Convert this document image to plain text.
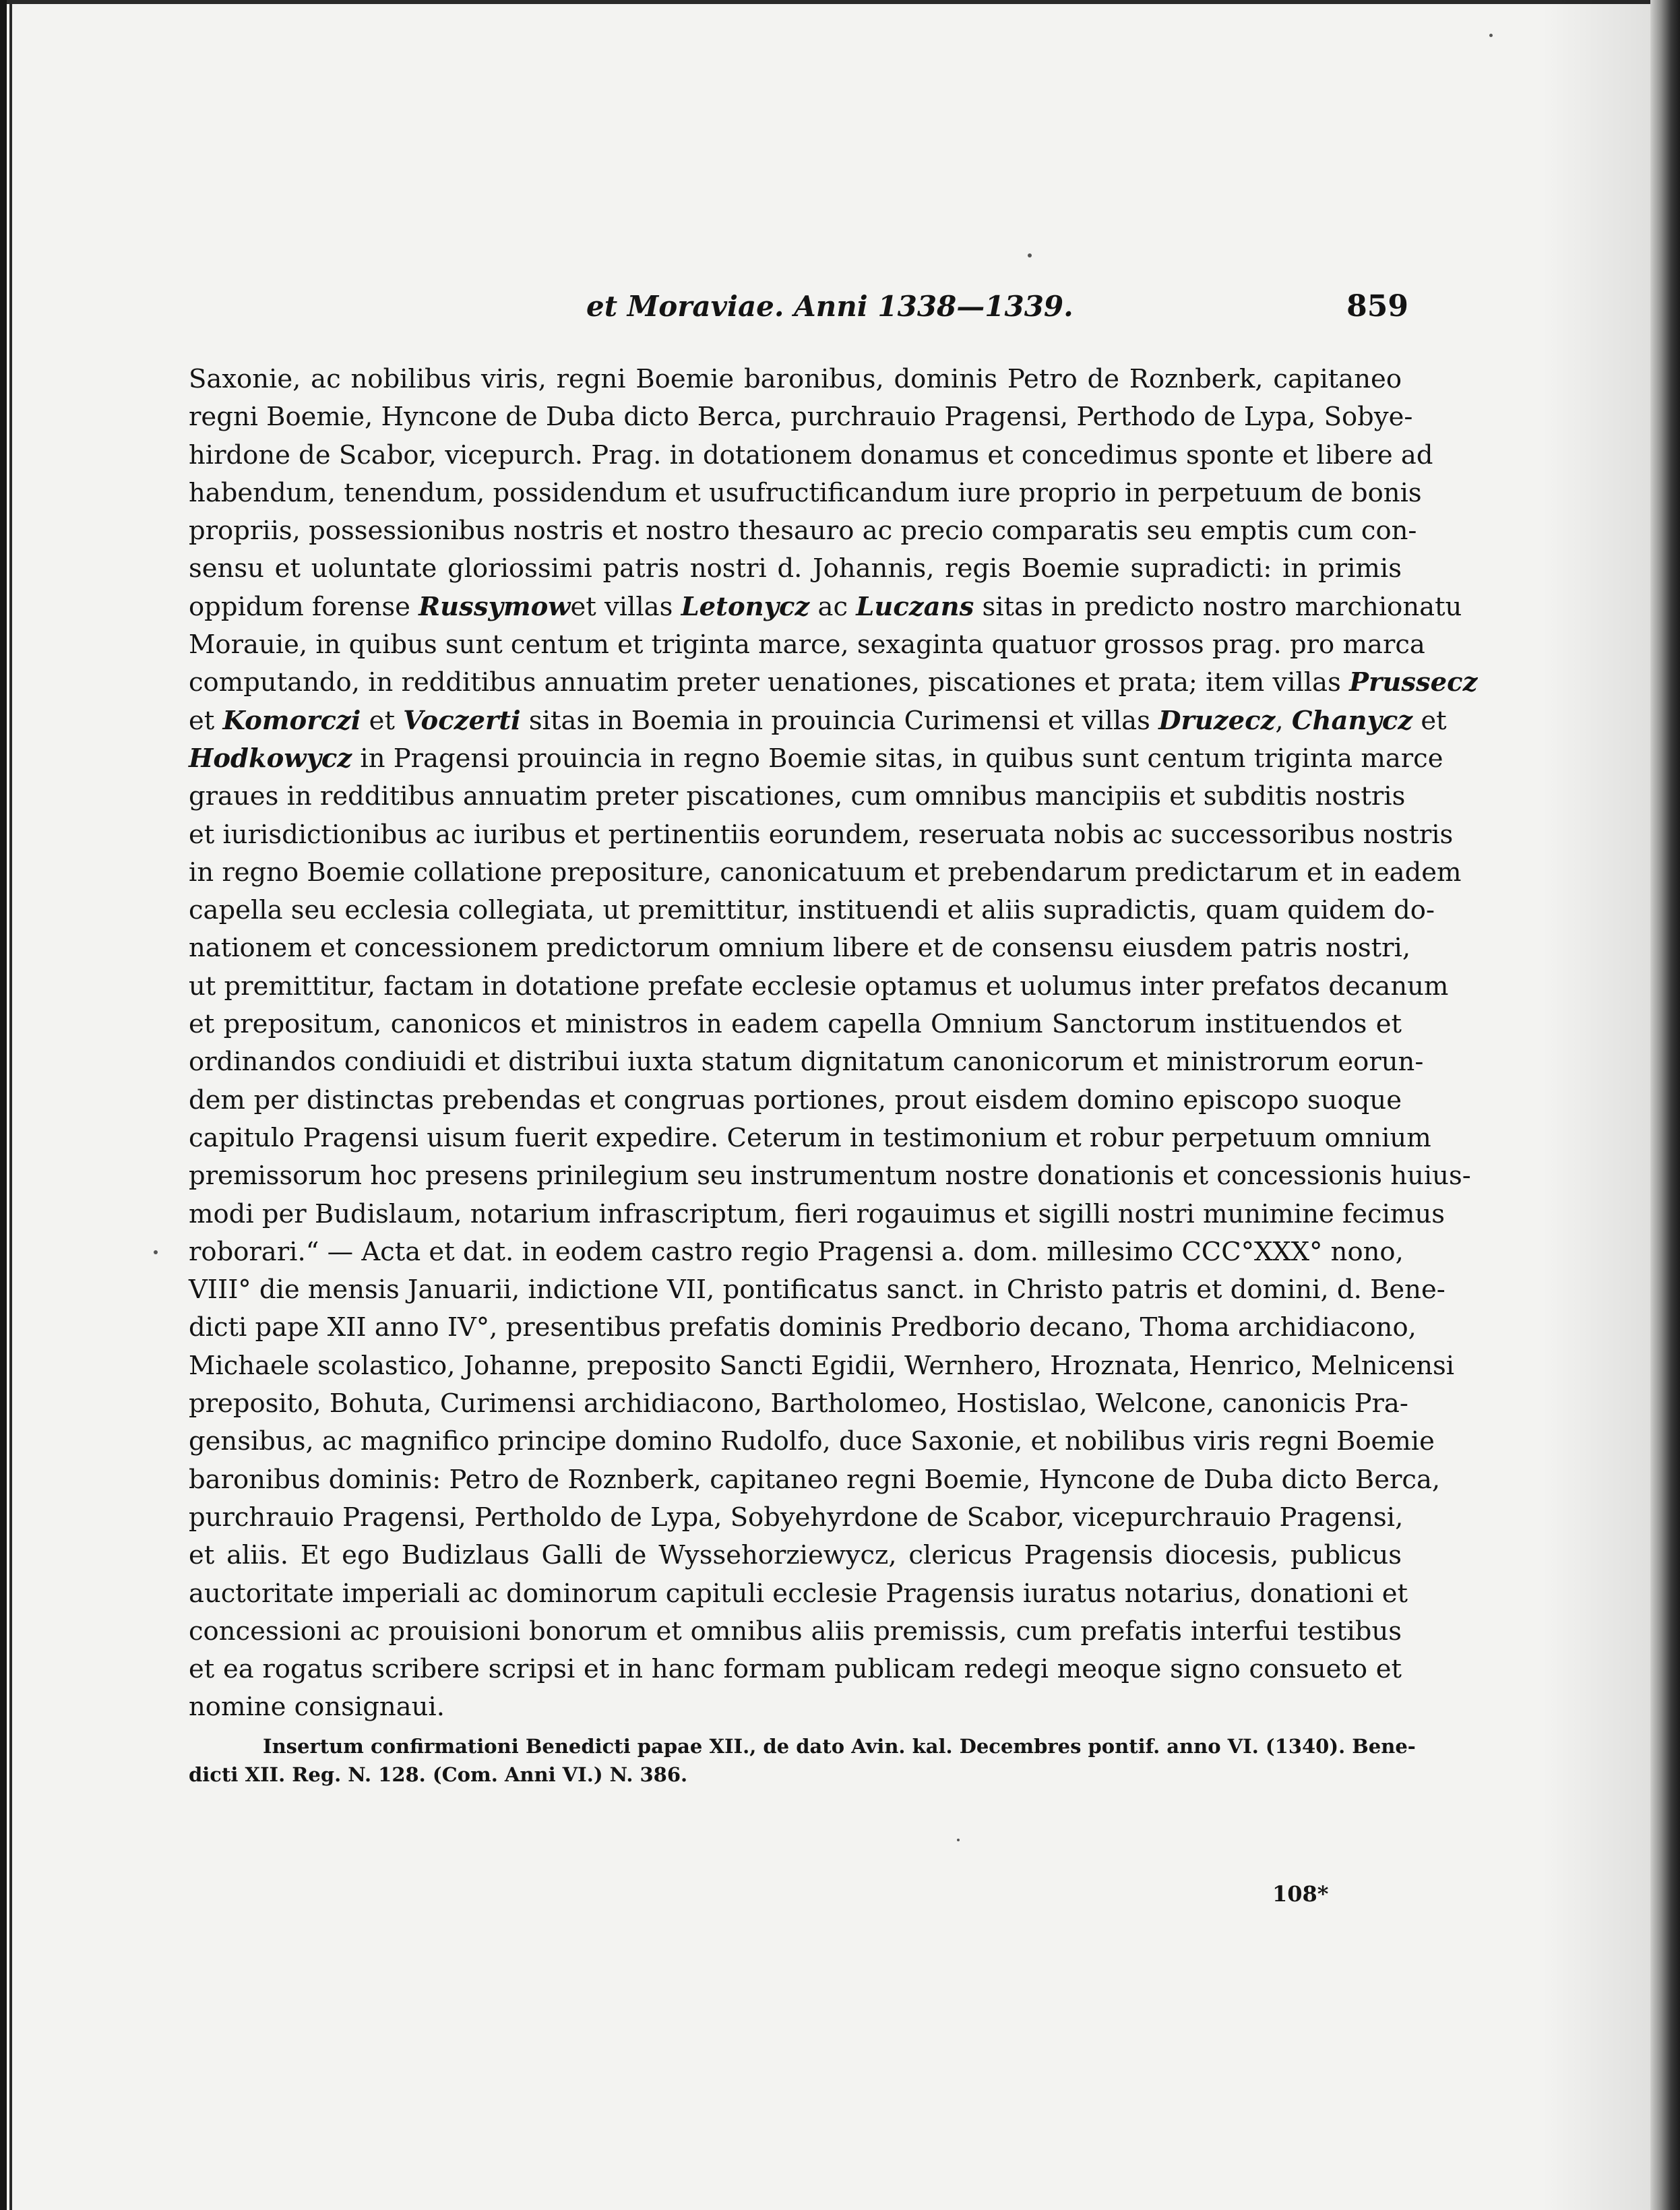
et Moraviae. Anni 1338—1339.	859
Saxonie, ac nobilibus viris, regni Boemie baronibus, dominis Petro de Roznberk, capitaneo
regni Boemie, Hyncone de Duba dicto Berca, purchrauio Pragensi, Perthodo de Lypa, Sobye-
hirdone de Scabor, vicepurch. Prag. in dotationem donamus et concedimus sponte et libere ad
habendum, tenendum, possidendum et usufructificandum iure proprio in perpetuum de bonis
propriis, possessionibus nostris et nostro thesauro ac precio comparatis seu emptis cum con-
sensu et uoluntate gloriossimi patris nostri d. Johannis, regis Boemie supradicti: in primis
oppidum forense Russymowet villas Letonycz ac Luczans sitas in predicto nostro marchionatu
Morauie, in quibus sunt centum et triginta marce, sexaginta quatuor grossos prag. pro marca
computando, in redditibus annuatim preter uenationes, piscationes et prata; item villas Prussecz
et Komorczi et Voczerti sitas in Boemia in prouincia Curimensi et villas Druzecz, Chanycz et
Hodkowycz in Pragensi prouincia in regno Boemie sitas, in quibus sunt centum triginta marce
graues in redditibus annuatim preter piscationes, cum omnibus mancipiis et subditis nostris
et iurisdictionibus ac iuribus et pertinentiis eorundem, reseruata nobis ac successoribus nostris
in regno Boemie collatione prepositure, canonicatuum et prebendarum predictarum et in eadem
capella seu ecclesia collegiata, ut premittitur, instituendi et aliis supradictis, quam quidem do-
nationem et concessionem predictorum omnium libere et de consensu eiusdem patris nostri,
ut premittitur, factam in dotatione prefate ecclesie optamus et uolumus inter prefatos decanum
et prepositum, canonicos et ministros in eadem capella Omnium Sanctorum instituendos et
ordinandos condiuidi et distribui iuxta statum dignitatum canonicorum et ministrorum eorun-
dem per distinctas prebendas et congruas portiones, prout eisdem domino episcopo suoque
capitulo Pragensi uisum fuerit expedire. Ceterum in testimonium et robur perpetuum omnium
premissorum hoc presens prinilegium seu instrumentum nostre donationis et concessionis huius-
modi per Budislaum, notarium infrascriptum, fieri rogauimus et sigilli nostri munimine fecimus
roborari.“ — Acta et dat. in eodem castro regio Pragensi a. dom. millesimo CCC°XXX° nono,
VIII° die mensis Januarii, indictione VII, pontificatus sanct. in Christo patris et domini, d. Bene-
dicti pape XII anno IV°, presentibus prefatis dominis Predborio decano, Thoma archidiacono,
Michaele scolastico, Johanne, preposito Sancti Egidii, Wernhero, Hroznata, Henrico, Melnicensi
preposito, Bohuta, Curimensi archidiacono, Bartholomeo, Hostislao, Welcone, canonicis Pra-
gensibus, ac magnifico principe domino Rudolfo, duce Saxonie, et nobilibus viris regni Boemie
baronibus dominis: Petro de Roznberk, capitaneo regni Boemie, Hyncone de Duba dicto Berca,
purchrauio Pragensi, Pertholdo de Lypa, Sobyehyrdone de Scabor, vicepurchrauio Pragensi,
et aliis. Et ego Budizlaus Galli de Wyssehorziewycz, clericus Pragensis diocesis, publicus
auctoritate imperiali ac dominorum capituli ecclesie Pragensis iuratus notarius, donationi et
concessioni ac prouisioni bonorum et omnibus aliis premissis, cum prefatis interfui testibus
et ea rogatus scribere scripsi et in hanc formam publicam redegi meoque signo consueto et
nomine consignaui.
Insertum confirmationi Benedicti papae XII., de dato Avin. kal. Decembres pontif. anno VI. (1340). Bene-
dicti XII. Reg. N. 128. (Com. Anni VI.) N. 386.
108*
